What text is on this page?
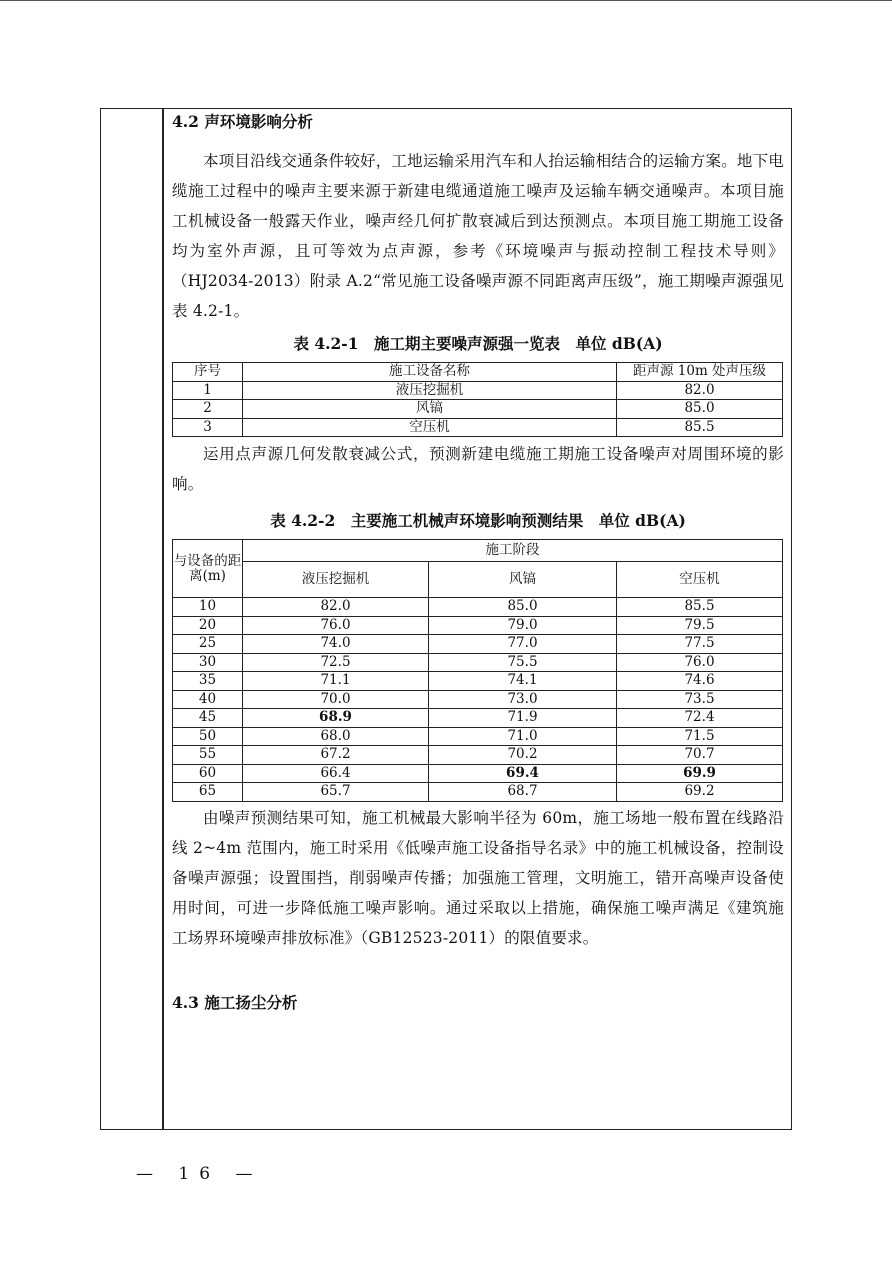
4.2 声环境影响分析

本项目沿线交通条件较好，工地运输采用汽车和人抬运输相结合的运输方案。地下电缆施工过程中的噪声主要来源于新建电缆通道施工噪声及运输车辆交通噪声。本项目施工机械设备一般露天作业，噪声经几何扩散衰减后到达预测点。本项目施工期施工设备均为室外声源，且可等效为点声源，参考《环境噪声与振动控制工程技术导则》（HJ2034-2013）附录 A.2“常见施工设备噪声源不同距离声压级”，施工期噪声源强见表 4.2-1。

表 4.2-1　施工期主要噪声源强一览表　单位 dB(A)

序号	施工设备名称	距声源 10m 处声压级
1	液压挖掘机	82.0
2	风镐	85.0
3	空压机	85.5

运用点声源几何发散衰减公式，预测新建电缆施工期施工设备噪声对周围环境的影响。

表 4.2-2　主要施工机械声环境影响预测结果　单位 dB(A)

与设备的距离(m)	施工阶段		
	液压挖掘机	风镐	空压机
10	82.0	85.0	85.5
20	76.0	79.0	79.5
25	74.0	77.0	77.5
30	72.5	75.5	76.0
35	71.1	74.1	74.6
40	70.0	73.0	73.5
45	68.9	71.9	72.4
50	68.0	71.0	71.5
55	67.2	70.2	70.7
60	66.4	69.4	69.9
65	65.7	68.7	69.2

由噪声预测结果可知，施工机械最大影响半径为 60m，施工场地一般布置在线路沿线 2~4m 范围内，施工时采用《低噪声施工设备指导名录》中的施工机械设备，控制设备噪声源强；设置围挡，削弱噪声传播；加强施工管理，文明施工，错开高噪声设备使用时间，可进一步降低施工噪声影响。通过采取以上措施，确保施工噪声满足《建筑施工场界环境噪声排放标准》（GB12523-2011）的限值要求。

4.3 施工扬尘分析

— 16 —
